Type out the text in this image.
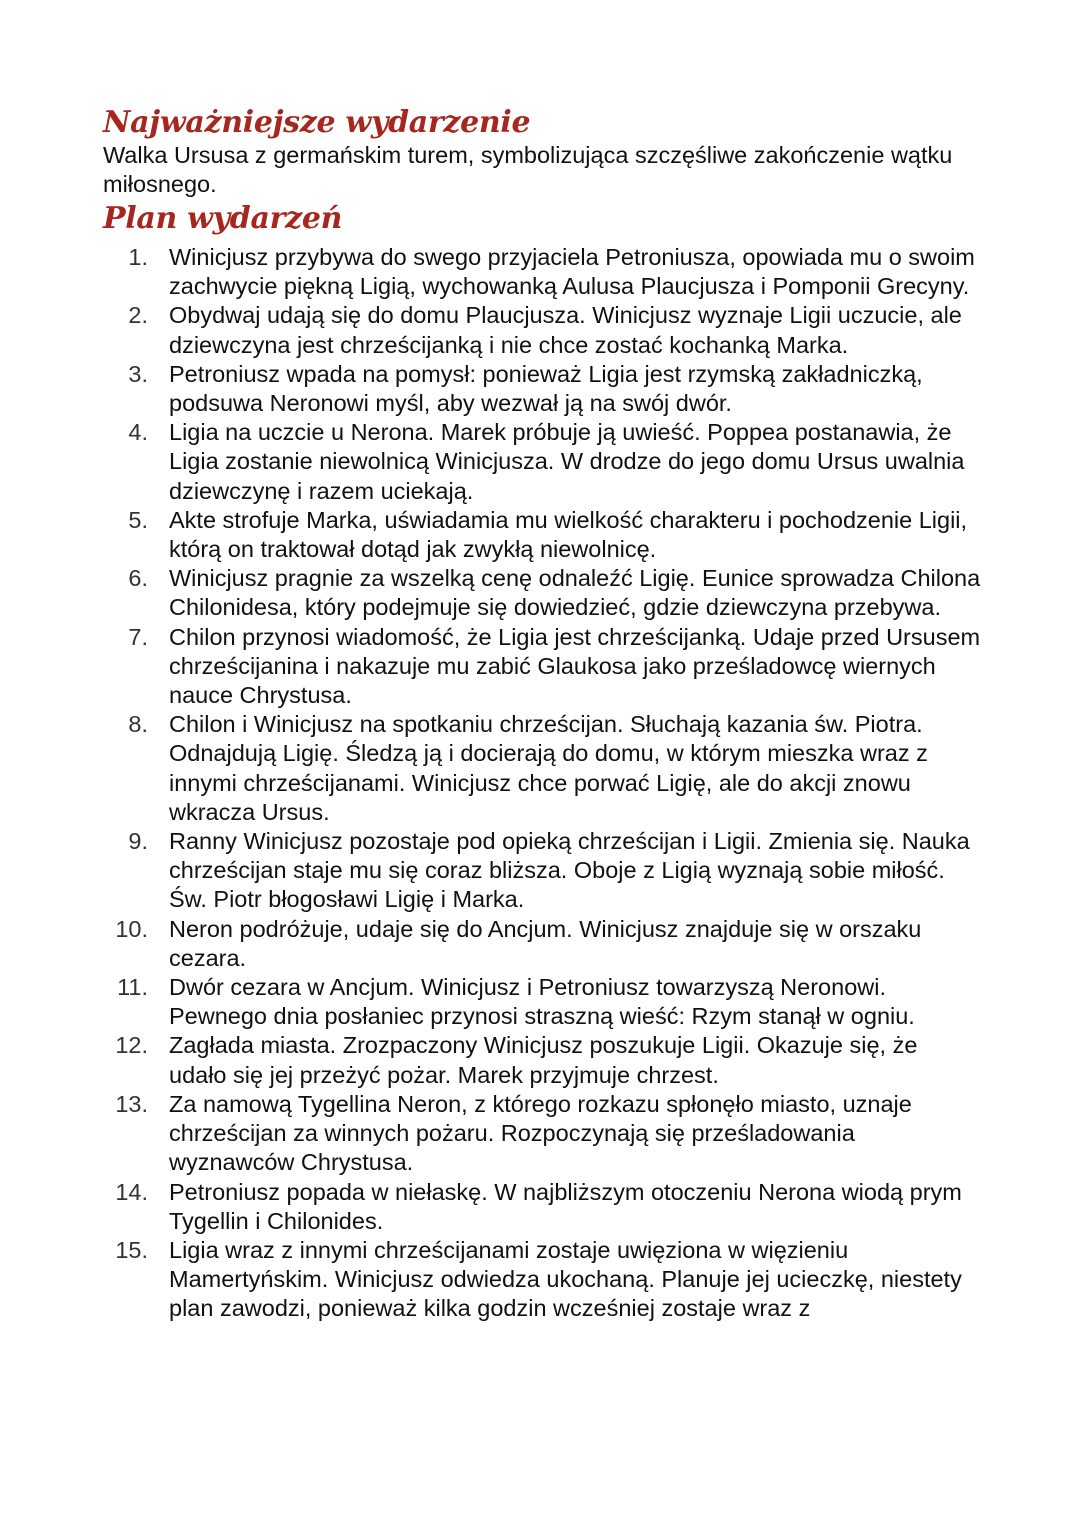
Najważniejsze wydarzenie

Walka Ursusa z germańskim turem, symbolizująca szczęśliwe zakończenie wątku miłosnego.

Plan wydarzeń
1. Winicjusz przybywa do swego przyjaciela Petroniusza, opowiada mu o swoim zachwycie piękną Ligią, wychowanką Aulusa Plaucjusza i Pomponii Grecyny.
2. Obydwaj udają się do domu Plaucjusza. Winicjusz wyznaje Ligii uczucie, ale dziewczyna jest chrześcijanką i nie chce zostać kochanką Marka.
3. Petroniusz wpada na pomysł: ponieważ Ligia jest rzymską zakładniczką, podsuwa Neronowi myśl, aby wezwał ją na swój dwór.
4. Ligia na uczcie u Nerona. Marek próbuje ją uwieść. Poppea postanawia, że Ligia zostanie niewolnicą Winicjusza. W drodze do jego domu Ursus uwalnia dziewczynę i razem uciekają.
5. Akte strofuje Marka, uświadamia mu wielkość charakteru i pochodzenie Ligii, którą on traktował dotąd jak zwykłą niewolnicę.
6. Winicjusz pragnie za wszelką cenę odnaleźć Ligię. Eunice sprowadza Chilona Chilonidesa, który podejmuje się dowiedzieć, gdzie dziewczyna przebywa.
7. Chilon przynosi wiadomość, że Ligia jest chrześcijanką. Udaje przed Ursusem chrześcijanina i nakazuje mu zabić Glaukosa jako prześladowcę wiernych nauce Chrystusa.
8. Chilon i Winicjusz na spotkaniu chrześcijan. Słuchają kazania św. Piotra. Odnajdują Ligię. Śledzą ją i docierają do domu, w którym mieszka wraz z innymi chrześcijanami. Winicjusz chce porwać Ligię, ale do akcji znowu wkracza Ursus.
9. Ranny Winicjusz pozostaje pod opieką chrześcijan i Ligii. Zmienia się. Nauka chrześcijan staje mu się coraz bliższa. Oboje z Ligią wyznają sobie miłość. Św. Piotr błogosławi Ligię i Marka.
10. Neron podróżuje, udaje się do Ancjum. Winicjusz znajduje się w orszaku cezara.
11. Dwór cezara w Ancjum. Winicjusz i Petroniusz towarzyszą Neronowi. Pewnego dnia posłaniec przynosi straszną wieść: Rzym stanął w ogniu.
12. Zagłada miasta. Zrozpaczony Winicjusz poszukuje Ligii. Okazuje się, że udało się jej przeżyć pożar. Marek przyjmuje chrzest.
13. Za namową Tygellina Neron, z którego rozkazu spłonęło miasto, uznaje chrześcijan za winnych pożaru. Rozpoczynają się prześladowania wyznawców Chrystusa.
14. Petroniusz popada w niełaskę. W najbliższym otoczeniu Nerona wiodą prym Tygellin i Chilonides.
15. Ligia wraz z innymi chrześcijanami zostaje uwięziona w więzieniu Mamertyńskim. Winicjusz odwiedza ukochaną. Planuje jej ucieczkę, niestety plan zawodzi, ponieważ kilka godzin wcześniej zostaje wraz z
